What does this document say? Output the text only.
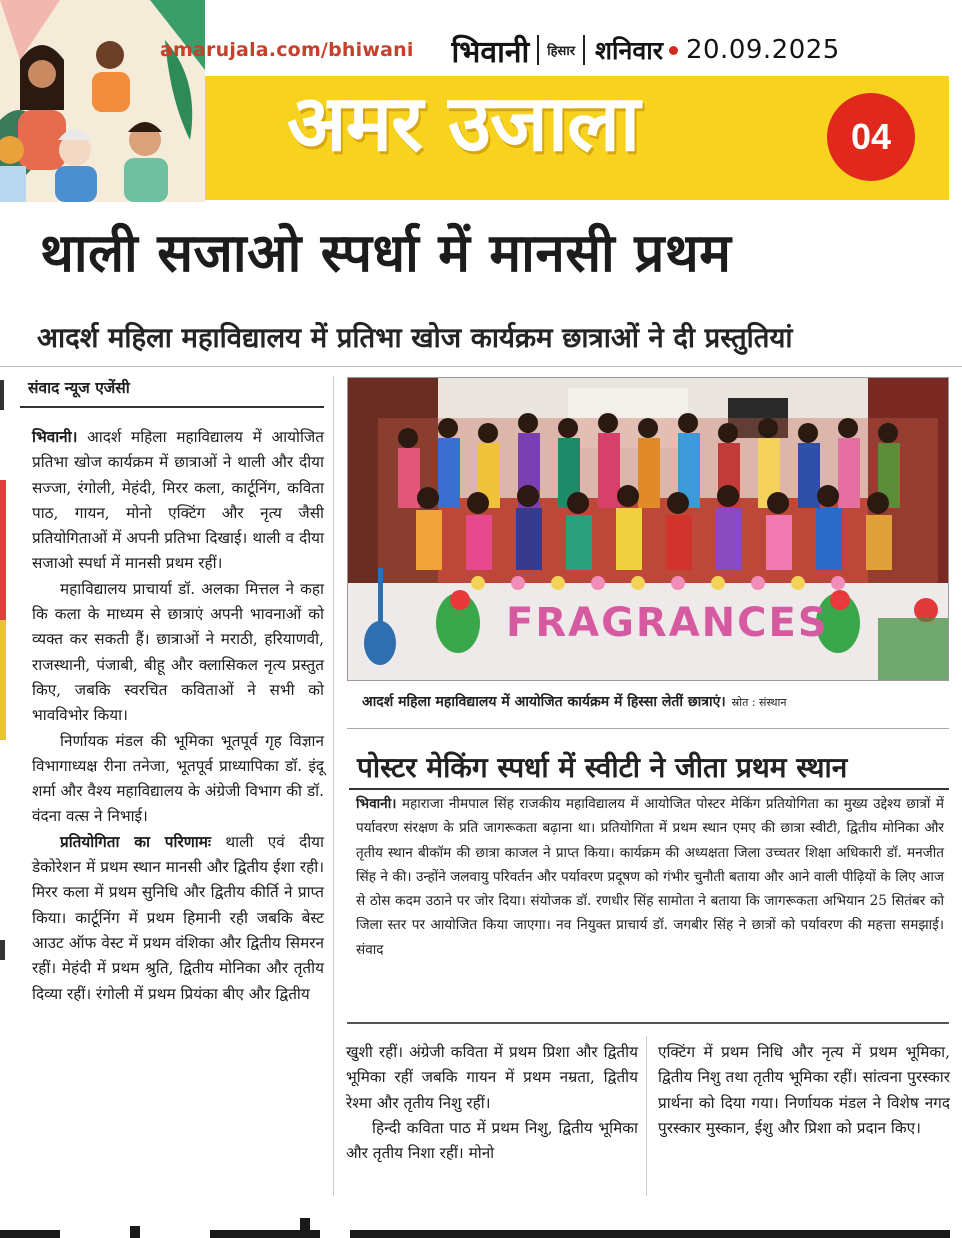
amarujala.com/bhiwani भिवानी हिसार शनिवार 20.09.2025
अमर उजाला	04
थाली सजाओ स्पर्धा में मानसी प्रथम
आदर्श महिला महाविद्यालय में प्रतिभा खोज कार्यक्रम छात्राओं ने दी प्रस्तुतियां
संवाद न्यूज एजेंसी

भिवानी। आदर्श महिला महाविद्यालय में आयोजित प्रतिभा खोज कार्यक्रम में छात्राओं ने थाली और दीया सज्जा, रंगोली, मेहंदी, मिरर कला, कार्टूनिंग, कविता पाठ, गायन, मोनो एक्टिंग और नृत्य जैसी प्रतियोगिताओं में अपनी प्रतिभा दिखाई। थाली व दीया सजाओ स्पर्धा में मानसी प्रथम रहीं।

महाविद्यालय प्राचार्या डॉ. अलका मित्तल ने कहा कि कला के माध्यम से छात्राएं अपनी भावनाओं को व्यक्त कर सकती हैं। छात्राओं ने मराठी, हरियाणवी, राजस्थानी, पंजाबी, बीहू और क्लासिकल नृत्य प्रस्तुत किए, जबकि स्वरचित कविताओं ने सभी को भावविभोर किया।

निर्णायक मंडल की भूमिका भूतपूर्व गृह विज्ञान विभागाध्यक्ष रीना तनेजा, भूतपूर्व प्राध्यापिका डॉ. इंदू शर्मा और वैश्य महाविद्यालय के अंग्रेजी विभाग की डॉ. वंदना वत्स ने निभाई।

प्रतियोगिता का परिणामः थाली एवं दीया डेकोरेशन में प्रथम स्थान मानसी और द्वितीय ईशा रही। मिरर कला में प्रथम सुनिधि और द्वितीय कीर्ति ने प्राप्त किया। कार्टूनिंग में प्रथम हिमानी रही जबकि बेस्ट आउट ऑफ वेस्ट में प्रथम वंशिका और द्वितीय सिमरन रहीं। मेहंदी में प्रथम श्रुति, द्वितीय मोनिका और तृतीय दिव्या रहीं। रंगोली में प्रथम प्रियंका बीए और द्वितीय

FRAGRANCES
आदर्श महिला महाविद्यालय में आयोजित कार्यक्रम में हिस्सा लेतीं छात्राएं। स्रोत : संस्थान
पोस्टर मेकिंग स्पर्धा में स्वीटी ने जीता प्रथम स्थान
भिवानी। महाराजा नीमपाल सिंह राजकीय महाविद्यालय में आयोजित पोस्टर मेकिंग प्रतियोगिता का मुख्य उद्देश्य छात्रों में पर्यावरण संरक्षण के प्रति जागरूकता बढ़ाना था। प्रतियोगिता में प्रथम स्थान एमए की छात्रा स्वीटी, द्वितीय मोनिका और तृतीय स्थान बीकॉम की छात्रा काजल ने प्राप्त किया। कार्यक्रम की अध्यक्षता जिला उच्चतर शिक्षा अधिकारी डॉ. मनजीत सिंह ने की। उन्होंने जलवायु परिवर्तन और पर्यावरण प्रदूषण को गंभीर चुनौती बताया और आने वाली पीढ़ियों के लिए आज से ठोस कदम उठाने पर जोर दिया। संयोजक डॉ. रणधीर सिंह सामोता ने बताया कि जागरूकता अभियान 25 सितंबर को जिला स्तर पर आयोजित किया जाएगा। नव नियुक्त प्राचार्य डॉ. जगबीर सिंह ने छात्रों को पर्यावरण की महत्ता समझाई। संवाद

खुशी रहीं। अंग्रेजी कविता में प्रथम प्रिशा और द्वितीय भूमिका रहीं जबकि गायन में प्रथम नम्रता, द्वितीय रेश्मा और तृतीय निशु रहीं।

हिन्दी कविता पाठ में प्रथम निशु, द्वितीय भूमिका और तृतीय निशा रहीं। मोनो

एक्टिंग में प्रथम निधि और नृत्य में प्रथम भूमिका, द्वितीय निशु तथा तृतीय भूमिका रहीं। सांत्वना पुरस्कार प्रार्थना को दिया गया। निर्णायक मंडल ने विशेष नगद पुरस्कार मुस्कान, ईशु और प्रिशा को प्रदान किए।
